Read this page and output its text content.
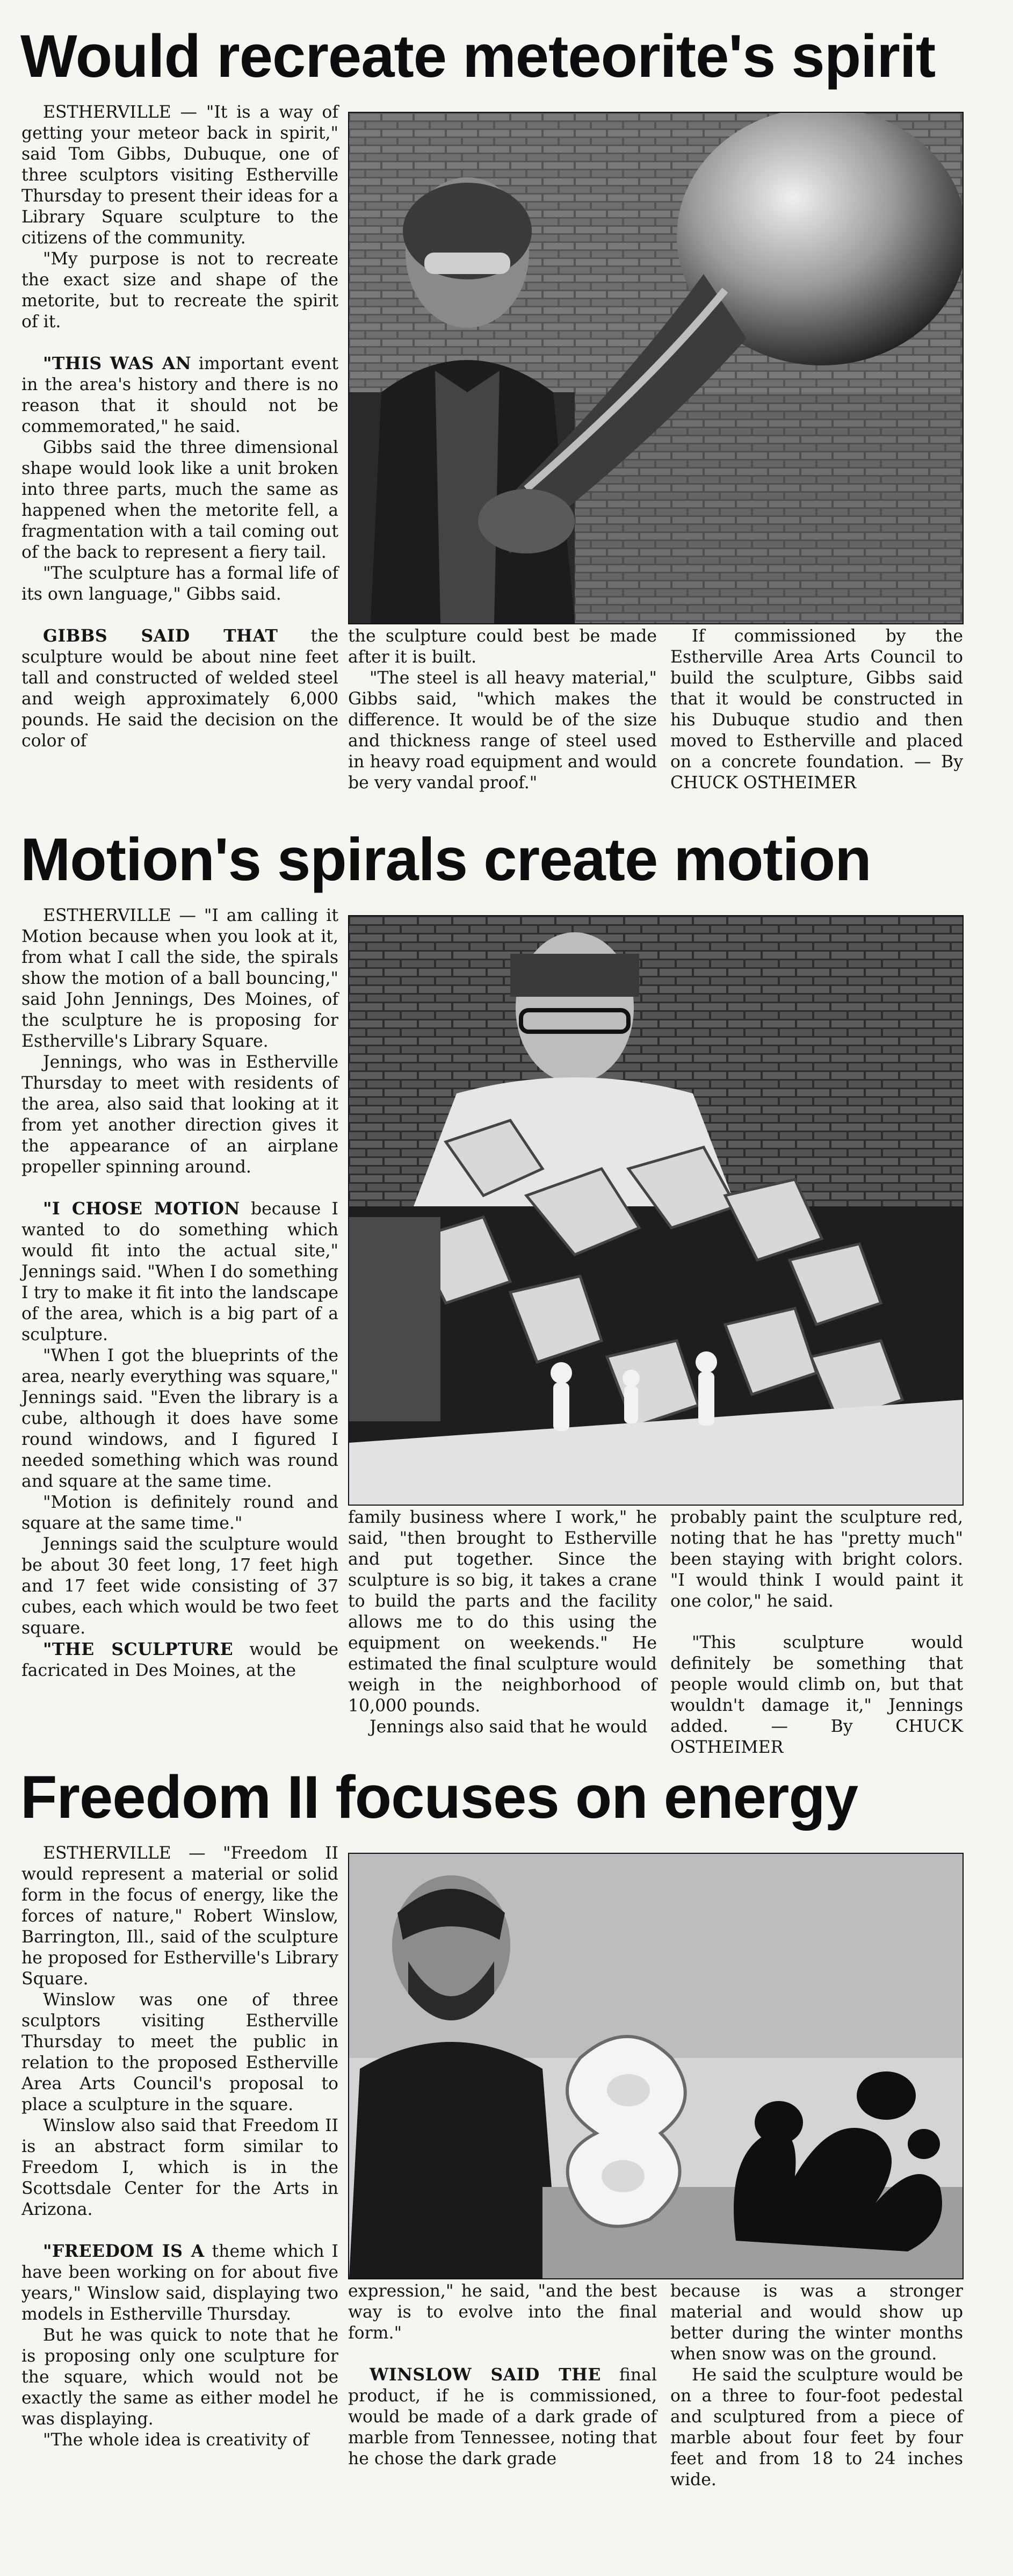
Would recreate meteorite's spirit

ESTHERVILLE — "It is a way of getting your meteor back in spirit," said Tom Gibbs, Dubuque, one of three sculptors visiting Estherville Thursday to present their ideas for a Library Square sculpture to the citizens of the community.

"My purpose is not to recreate the exact size and shape of the metorite, but to recreate the spirit of it.

"THIS WAS AN important event in the area's history and there is no reason that it should not be commemorated," he said.

Gibbs said the three dimensional shape would look like a unit broken into three parts, much the same as happened when the metorite fell, a fragmentation with a tail coming out of the back to represent a fiery tail.

"The sculpture has a formal life of its own language," Gibbs said.

GIBBS SAID THAT the sculpture would be about nine feet tall and constructed of welded steel and weigh approximately 6,000 pounds. He said the decision on the color of

the sculpture could best be made after it is built.

"The steel is all heavy material," Gibbs said, "which makes the difference. It would be of the size and thickness range of steel used in heavy road equipment and would be very vandal proof."

If commissioned by the Estherville Area Arts Council to build the sculpture, Gibbs said that it would be constructed in his Dubuque studio and then moved to Estherville and placed on a concrete foundation. — By CHUCK OSTHEIMER

Motion's spirals create motion

ESTHERVILLE — "I am calling it Motion because when you look at it, from what I call the side, the spirals show the motion of a ball bouncing," said John Jennings, Des Moines, of the sculpture he is proposing for Estherville's Library Square.

Jennings, who was in Estherville Thursday to meet with residents of the area, also said that looking at it from yet another direction gives it the appearance of an airplane propeller spinning around.

"I CHOSE MOTION because I wanted to do something which would fit into the actual site," Jennings said. "When I do something I try to make it fit into the landscape of the area, which is a big part of a sculpture.

"When I got the blueprints of the area, nearly everything was square," Jennings said. "Even the library is a cube, although it does have some round windows, and I figured I needed something which was round and square at the same time.

"Motion is definitely round and square at the same time."

Jennings said the sculpture would be about 30 feet long, 17 feet high and 17 feet wide consisting of 37 cubes, each which would be two feet square.

"THE SCULPTURE would be facricated in Des Moines, at the

family business where I work," he said, "then brought to Estherville and put together. Since the sculpture is so big, it takes a crane to build the parts and the facility allows me to do this using the equipment on weekends." He estimated the final sculpture would weigh in the neighborhood of 10,000 pounds.

Jennings also said that he would

probably paint the sculpture red, noting that he has "pretty much" been staying with bright colors. "I would think I would paint it one color," he said.

"This sculpture would definitely be something that people would climb on, but that wouldn't damage it," Jennings added. — By CHUCK OSTHEIMER

Freedom II focuses on energy

ESTHERVILLE — "Freedom II would represent a material or solid form in the focus of energy, like the forces of nature," Robert Winslow, Barrington, Ill., said of the sculpture he proposed for Estherville's Library Square.

Winslow was one of three sculptors visiting Estherville Thursday to meet the public in relation to the proposed Estherville Area Arts Council's proposal to place a sculpture in the square.

Winslow also said that Freedom II is an abstract form similar to Freedom I, which is in the Scottsdale Center for the Arts in Arizona.

"FREEDOM IS A theme which I have been working on for about five years," Winslow said, displaying two models in Estherville Thursday.

But he was quick to note that he is proposing only one sculpture for the square, which would not be exactly the same as either model he was displaying.

"The whole idea is creativity of

expression," he said, "and the best way is to evolve into the final form."

WINSLOW SAID THE final product, if he is commissioned, would be made of a dark grade of marble from Tennessee, noting that he chose the dark grade

because is was a stronger material and would show up better during the winter months when snow was on the ground.

He said the sculpture would be on a three to four-foot pedestal and sculptured from a piece of marble about four feet by four feet and from 18 to 24 inches wide.
